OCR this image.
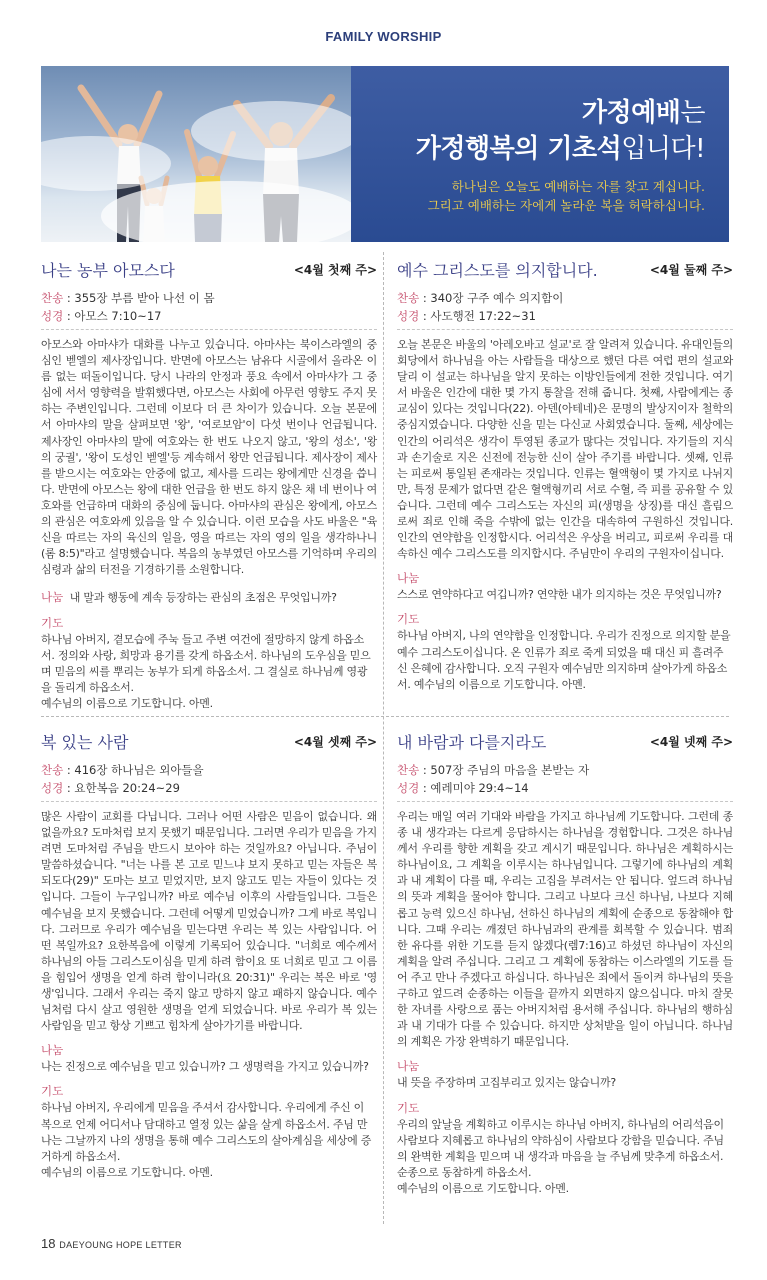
FAMILY WORSHIP
가정예배는
가정행복의 기초석입니다!
하나님은 오늘도 예배하는 자를 찾고 계십니다.
그리고 예배하는 자에게 놀라운 복을 허락하십니다.
나는 농부 아모스다	<4월 첫째 주>
찬송 : 355장 부름 받아 나선 이 몸
성경 : 아모스 7:10~17
아모스와 아마샤가 대화를 나누고 있습니다. 아마샤는 북이스라엘의 중심인 벧엘의 제사장입니다. 반면에 아모스는 남유다 시골에서 올라온 이름 없는 떠돌이입니다. 당시 나라의 안정과 풍요 속에서 아마샤가 그 중심에 서서 영향력을 발휘했다면, 아모스는 사회에 아무런 영향도 주지 못하는 주변인입니다. 그런데 이보다 더 큰 차이가 있습니다. 오늘 본문에서 아마샤의 말을 살펴보면 '왕', '여로보암'이 다섯 번이나 언급됩니다. 제사장인 아마샤의 말에 여호와는 한 번도 나오지 않고, '왕의 성소', '왕의 궁궐', '왕이 도성인 벧엘'등 계속해서 왕만 언급됩니다. 제사장이 제사를 받으시는 여호와는 안중에 없고, 제사를 드리는 왕에게만 신경을 씁니다. 반면에 아모스는 왕에 대한 언급을 한 번도 하지 않은 채 네 번이나 여호와를 언급하며 대화의 중심에 둡니다. 아마샤의 관심은 왕에게, 아모스의 관심은 여호와께 있음을 알 수 있습니다. 이런 모습을 사도 바울은 "육신을 따르는 자의 육신의 일을, 영을 따르는 자의 영의 일을 생각하나니(롬 8:5)"라고 설명했습니다. 복음의 농부였던 아모스를 기억하며 우리의 심령과 삶의 터전을 기경하기를 소원합니다.
나눔 내 말과 행동에 계속 등장하는 관심의 초점은 무엇입니까?
기도
하나님 아버지, 곁모습에 주눅 들고 주변 여건에 절망하지 않게 하옵소서. 정의와 사랑, 희망과 용기를 갖게 하옵소서. 하나님의 도우심을 믿으며 믿음의 씨를 뿌리는 농부가 되게 하옵소서. 그 결실로 하나님께 영광을 돌리게 하옵소서.
예수님의 이름으로 기도합니다. 아멘.
예수 그리스도를 의지합니다.	<4월 둘째 주>
찬송 : 340장 구주 예수 의지함이
성경 : 사도행전 17:22~31
오늘 본문은 바울의 '아레오바고 설교'로 잘 알려져 있습니다. 유대인들의 회당에서 하나님을 아는 사람들을 대상으로 했던 다른 여럽 편의 설교와 달리 이 설교는 하나님을 알지 못하는 이방인들에게 전한 것입니다. 여기서 바울은 인간에 대한 몇 가지 통찰을 전해 줍니다. 첫째, 사람에게는 종교심이 있다는 것입니다(22). 아덴(아테네)은 문명의 발상지이자 철학의 중심지였습니다. 다양한 신을 믿는 다신교 사회였습니다. 둘째, 세상에는 인간의 어리석은 생각이 투영된 종교가 많다는 것입니다. 자기들의 지식과 손기술로 지은 신전에 전능한 신이 살아 주기를 바랍니다. 셋째, 인류는 피로써 통일된 존재라는 것입니다. 인류는 혈액형이 몇 가지로 나뉘지만, 특정 문제가 없다면 같은 혈액형끼리 서로 수혈, 즉 피를 공유할 수 있습니다. 그런데 예수 그리스도는 자신의 피(생명을 상징)를 대신 흘림으로써 죄로 인해 죽을 수밖에 없는 인간을 대속하여 구원하신 것입니다. 인간의 연약함을 인정합시다. 어리석은 우상을 버리고, 피로써 우리를 대속하신 예수 그리스도를 의지합시다. 주님만이 우리의 구원자이십니다.
나눔
스스로 연약하다고 여깁니까? 연약한 내가 의지하는 것은 무엇입니까?
기도
하나님 아버지, 나의 연약함을 인정합니다. 우리가 진정으로 의지할 분을 예수 그리스도이십니다. 온 인류가 죄로 죽게 되었을 때 대신 피 흘려주신 은혜에 감사합니다. 오직 구원자 예수님만 의지하며 살아가게 하옵소서. 예수님의 이름으로 기도합니다. 아멘.
복 있는 사람	<4월 셋째 주>
찬송 : 416장 하나님은 외아들을
성경 : 요한복음 20:24~29
많은 사람이 교회를 다닙니다. 그러나 어떤 사람은 믿음이 없습니다. 왜 없을까요? 도마처럼 보지 못했기 때문입니다. 그러면 우리가 믿음을 가지려면 도마처럼 주님을 반드시 보아야 하는 것일까요? 아닙니다. 주님이 말씀하셨습니다. "너는 나를 본 고로 믿느냐 보지 못하고 믿는 자들은 복되도다(29)" 도마는 보고 믿었지만, 보지 않고도 믿는 자들이 있다는 것입니다. 그들이 누구입니까? 바로 예수님 이후의 사람들입니다. 그들은 예수님을 보지 못했습니다. 그런데 어떻게 믿었습니까? 그게 바로 복입니다. 그러므로 우리가 예수님을 믿는다면 우리는 복 있는 사람입니다. 어떤 복일까요? 요한복음에 이렇게 기록되어 있습니다. "너희로 예수께서 하나님의 아들 그리스도이심을 믿게 하려 함이요 또 너희로 믿고 그 이름을 힘입어 생명을 얻게 하려 함이니라(요 20:31)" 우리는 복은 바로 '영생'입니다. 그래서 우리는 죽지 않고 망하지 않고 패하지 않습니다. 예수님처럼 다시 살고 영원한 생명을 얻게 되었습니다. 바로 우리가 복 있는 사람임을 믿고 항상 기쁘고 힘차게 살아가기를 바랍니다.
나눔
나는 진정으로 예수님을 믿고 있습니까? 그 생명력을 가지고 있습니까?
기도
하나님 아버지, 우리에게 믿음을 주셔서 감사합니다. 우리에게 주신 이 복으로 언제 어디서나 담대하고 열정 있는 삶을 살게 하옵소서. 주님 만나는 그날까지 나의 생명을 통해 예수 그리스도의 살아계심을 세상에 증거하게 하옵소서.
예수님의 이름으로 기도합니다. 아멘.
내 바람과 다를지라도	<4월 넷째 주>
찬송 : 507장 주님의 마음을 본받는 자
성경 : 예레미야 29:4~14
우리는 매일 여러 기대와 바람을 가지고 하나님께 기도합니다. 그런데 종종 내 생각과는 다르게 응답하시는 하나님을 경험합니다. 그것은 하나님께서 우리를 향한 계획을 갖고 계시기 때문입니다. 하나님은 계획하시는 하나님이요, 그 계획을 이루시는 하나님입니다. 그렇기에 하나님의 계획과 내 계획이 다를 때, 우리는 고집을 부려서는 안 됩니다. 엎드려 하나님의 뜻과 계획을 물어야 합니다. 그리고 나보다 크신 하나님, 나보다 지혜롭고 능력 있으신 하나님, 선하신 하나님의 계획에 순종으로 동참해야 합니다. 그때 우리는 깨졌던 하나님과의 관계를 회복할 수 있습니다. 범죄한 유다를 위한 기도를 듣지 않겠다(렘7:16)고 하셨던 하나님이 자신의 계획을 알려 주십니다. 그리고 그 계획에 동참하는 이스라엘의 기도를 들어 주고 만나 주겠다고 하십니다. 하나님은 죄에서 돌이켜 하나님의 뜻을 구하고 엎드려 순종하는 이들을 끝까지 외면하지 않으십니다. 마치 잘못한 자녀를 사랑으로 품는 아버지처럼 용서해 주십니다. 하나님의 행하심과 내 기대가 다를 수 있습니다. 하지만 상처받을 일이 아닙니다. 하나님의 계획은 가장 완벽하기 때문입니다.
나눔
내 뜻을 주장하며 고집부리고 있지는 않습니까?
기도
우리의 앞날을 계획하고 이루시는 하나님 아버지, 하나님의 어리석음이 사람보다 지혜롭고 하나님의 약하심이 사람보다 강함을 믿습니다. 주님의 완벽한 계획을 믿으며 내 생각과 마음을 늘 주님께 맞추게 하옵소서. 순종으로 동참하게 하옵소서.
예수님의 이름으로 기도합니다. 아멘.
18 DAEYOUNG HOPE LETTER
